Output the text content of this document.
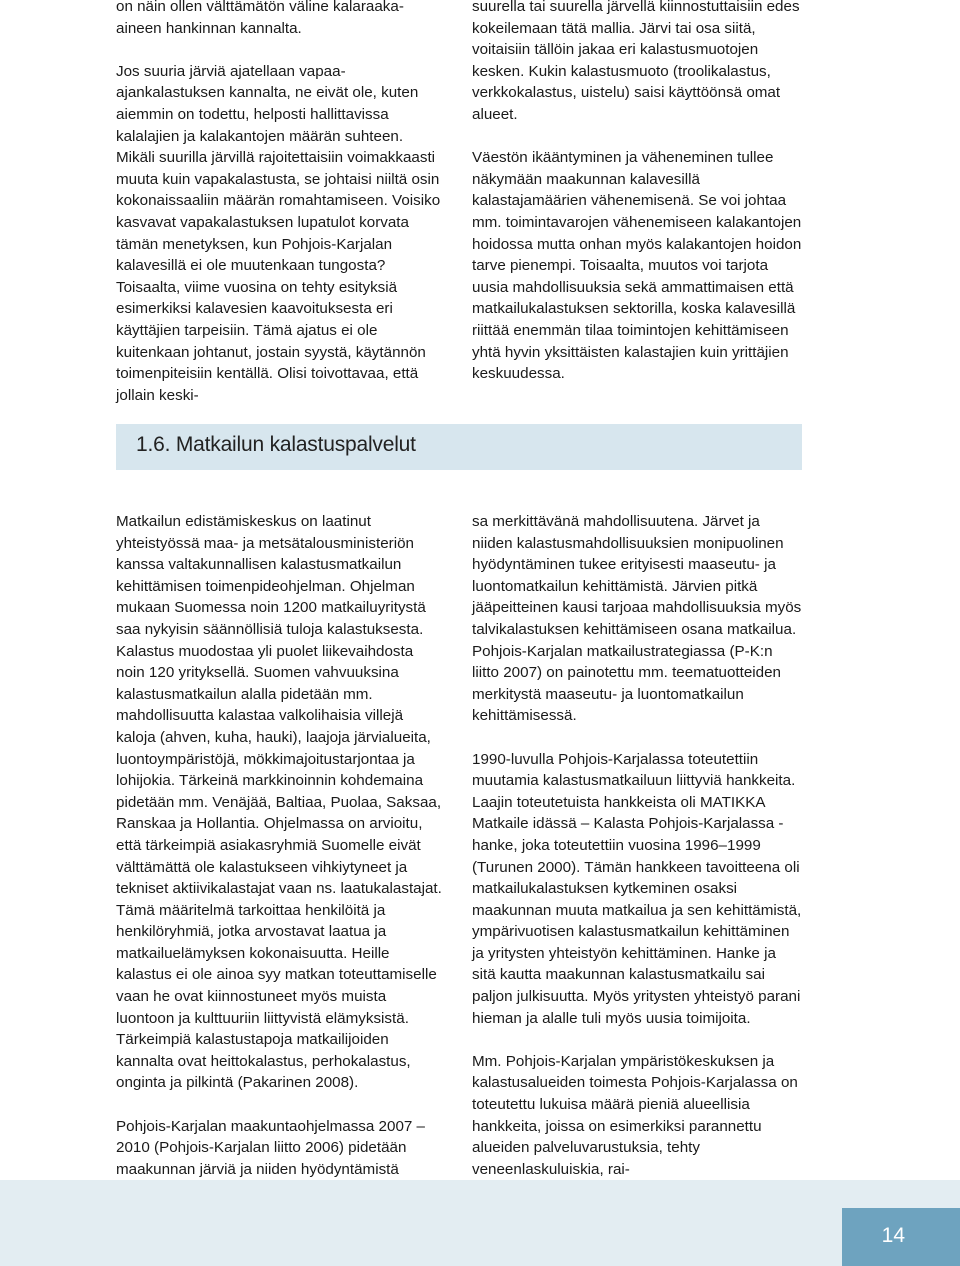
on näin ollen välttämätön väline kalaraaka-aineen hankinnan kannalta.

Jos suuria järviä ajatellaan vapaa-ajankalastuksen kannalta, ne eivät ole, kuten aiemmin on todettu, helposti hallittavissa kalalajien ja kalakantojen määrän suhteen. Mikäli suurilla järvillä rajoitettaisiin voimakkaasti muuta kuin vapakalastusta, se johtaisi niiltä osin kokonaissaaliin määrän romahtamiseen. Voisiko kasvavat vapakalastuksen lupatulot korvata tämän menetyksen, kun Pohjois-Karjalan kalavesillä ei ole muutenkaan tungosta? Toisaalta, viime vuosina on tehty esityksiä esimerkiksi kalavesien kaavoituksesta eri käyttäjien tarpeisiin. Tämä ajatus ei ole kuitenkaan johtanut, jostain syystä, käytännön toimenpiteisiin kentällä. Olisi toivottavaa, että jollain keski-

suurella tai suurella järvellä kiinnostuttaisiin edes kokeilemaan tätä mallia. Järvi tai osa siitä, voitaisiin tällöin jakaa eri kalastusmuotojen kesken. Kukin kalastusmuoto (troolikalastus, verkkokalastus, uistelu) saisi käyttöönsä omat alueet.

Väestön ikääntyminen ja väheneminen tullee näkymään maakunnan kalavesillä kalastajamäärien vähenemisenä. Se voi johtaa mm. toimintavarojen vähenemiseen kalakantojen hoidossa mutta onhan myös kalakantojen hoidon tarve pienempi. Toisaalta, muutos voi tarjota uusia mahdollisuuksia sekä ammattimaisen että matkailukalastuksen sektorilla, koska kalavesillä riittää enemmän tilaa toimintojen kehittämiseen yhtä hyvin yksittäisten kalastajien kuin yrittäjien keskuudessa.

1.6. Matkailun kalastuspalvelut

Matkailun edistämiskeskus on laatinut yhteistyössä maa- ja metsätalousministeriön kanssa valtakunnallisen kalastusmatkailun kehittämisen toimenpideohjelman. Ohjelman mukaan Suomessa noin 1200 matkailuyritystä saa nykyisin säännöllisiä tuloja kalastuksesta. Kalastus muodostaa yli puolet liikevaihdosta noin 120 yrityksellä. Suomen vahvuuksina kalastusmatkailun alalla pidetään mm. mahdollisuutta kalastaa valkolihaisia villejä kaloja (ahven, kuha, hauki), laajoja järvialueita, luontoympäristöjä, mökkimajoitustarjontaa ja lohijokia. Tärkeinä markkinoinnin kohdemaina pidetään mm. Venäjää, Baltiaa, Puolaa, Saksaa, Ranskaa ja Hollantia. Ohjelmassa on arvioitu, että tärkeimpiä asiakasryhmiä Suomelle eivät välttämättä ole kalastukseen vihkiytyneet ja tekniset aktiivikalastajat vaan ns. laatukalastajat. Tämä määritelmä tarkoittaa henkilöitä ja henkilöryhmiä, jotka arvostavat laatua ja matkailuelämyksen kokonaisuutta. Heille kalastus ei ole ainoa syy matkan toteuttamiselle vaan he ovat kiinnostuneet myös muista luontoon ja kulttuuriin liittyvistä elämyksistä. Tärkeimpiä kalastustapoja matkailijoiden kannalta ovat heittokalastus, perhokalastus, onginta ja pilkintä (Pakarinen 2008).

Pohjois-Karjalan maakuntaohjelmassa 2007 – 2010 (Pohjois-Karjalan liitto 2006) pidetään maakunnan järviä ja niiden hyödyntämistä

sa merkittävänä mahdollisuutena. Järvet ja niiden kalastusmahdollisuuksien monipuolinen hyödyntäminen tukee erityisesti maaseutu- ja luontomatkailun kehittämistä. Järvien pitkä jääpeitteinen kausi tarjoaa mahdollisuuksia myös talvikalastuksen kehittämiseen osana matkailua. Pohjois-Karjalan matkailustrategiassa (P-K:n liitto 2007) on painotettu mm. teematuotteiden merkitystä maaseutu- ja luontomatkailun kehittämisessä.

1990-luvulla Pohjois-Karjalassa toteutettiin muutamia kalastusmatkailuun liittyviä hankkeita. Laajin toteutetuista hankkeista oli MATIKKA Matkaile idässä – Kalasta Pohjois-Karjalassa - hanke, joka toteutettiin vuosina 1996–1999 (Turunen 2000). Tämän hankkeen tavoitteena oli matkailukalastuksen kytkeminen osaksi maakunnan muuta matkailua ja sen kehittämistä, ympärivuotisen kalastusmatkailun kehittäminen ja yritysten yhteistyön kehittäminen. Hanke ja sitä kautta maakunnan kalastusmatkailu sai paljon julkisuutta. Myös yritysten yhteistyö parani hieman ja alalle tuli myös uusia toimijoita.

Mm. Pohjois-Karjalan ympäristökeskuksen ja kalastusalueiden toimesta Pohjois-Karjalassa on toteutettu lukuisa määrä pieniä alueellisia hankkeita, joissa on esimerkiksi parannettu alueiden palveluvarustuksia, tehty veneenlaskuluiskia, rai-

14
